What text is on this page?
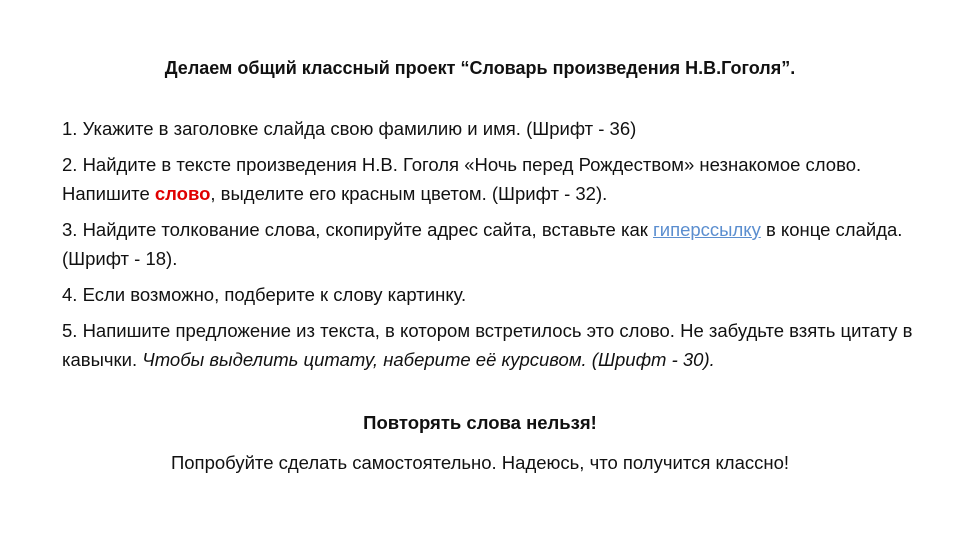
Делаем общий классный проект “Словарь произведения Н.В.Гоголя”.
1. Укажите в заголовке слайда свою фамилию и имя. (Шрифт - 36)
2. Найдите в тексте произведения Н.В. Гоголя «Ночь перед Рождеством» незнакомое слово. Напишите слово, выделите его красным цветом. (Шрифт - 32).
3. Найдите толкование слова, скопируйте адрес сайта, вставьте как гиперссылку в конце слайда. (Шрифт - 18).
4. Если возможно, подберите к слову картинку.
5. Напишите предложение из текста, в котором встретилось это слово. Не забудьте взять цитату в кавычки. Чтобы выделить цитату, наберите её курсивом. (Шрифт - 30).
Повторять слова нельзя!
Попробуйте сделать самостоятельно. Надеюсь, что получится классно!
